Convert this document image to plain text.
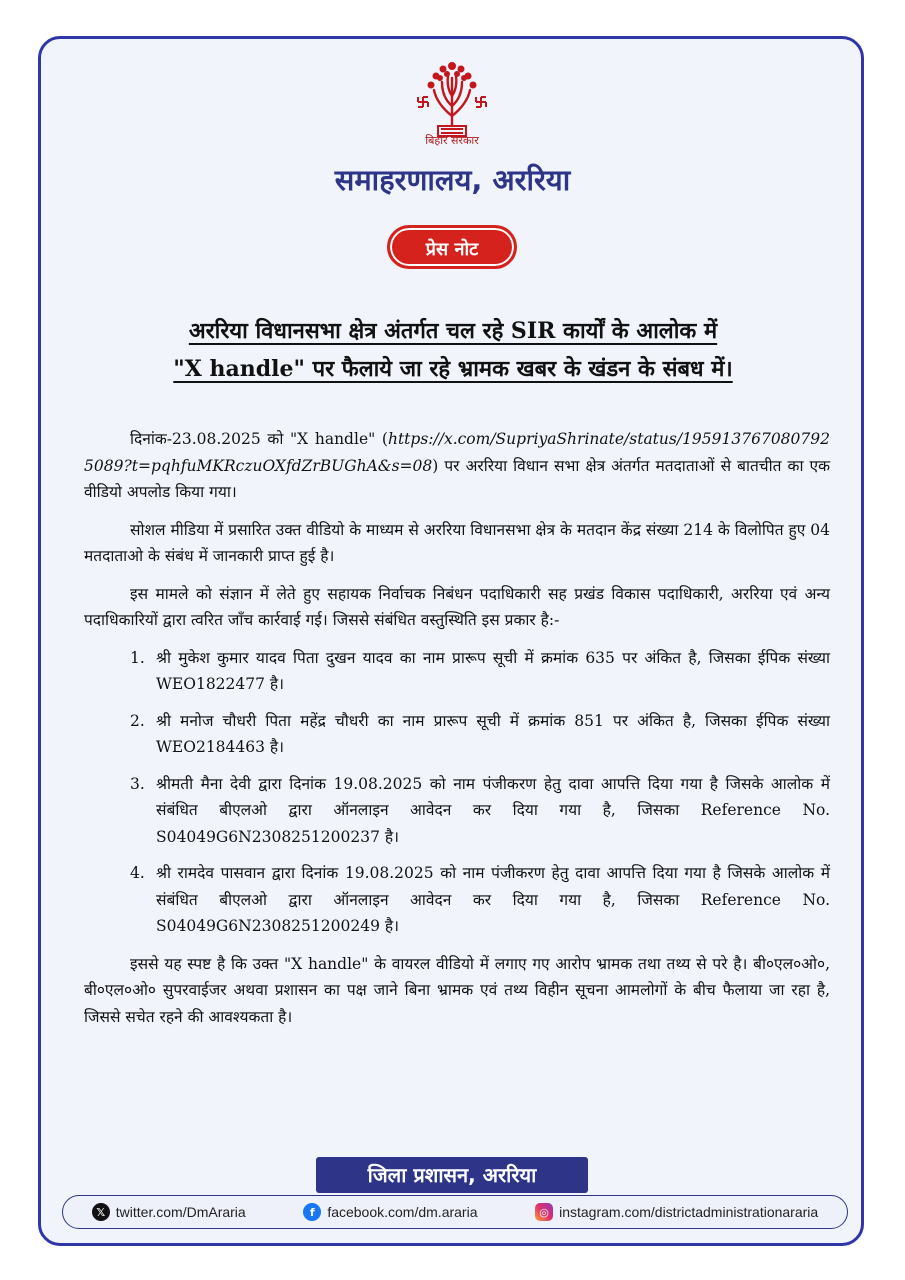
बिहार सरकार
समाहरणालय, अररिया
प्रेस नोट
अररिया विधानसभा क्षेत्र अंतर्गत चल रहे SIR कार्यों के आलोक में
"X handle" पर फैलाये जा रहे भ्रामक खबर के खंडन के संबध में।

दिनांक-23.08.2025 को "X handle" (https://x.com/SupriyaShrinate/status/1959137670807925089?t=pqhfuMKRczuOXfdZrBUGhA&s=08) पर अररिया विधान सभा क्षेत्र अंतर्गत मतदाताओं से बातचीत का एक वीडियो अपलोड किया गया।

सोशल मीडिया में प्रसारित उक्त वीडियो के माध्यम से अररिया विधानसभा क्षेत्र के मतदान केंद्र संख्या 214 के विलोपित हुए 04 मतदाताओ के संबंध में जानकारी प्राप्त हुई है।

इस मामले को संज्ञान में लेते हुए सहायक निर्वाचक निबंधन पदाधिकारी सह प्रखंड विकास पदाधिकारी, अररिया एवं अन्य पदाधिकारियों द्वारा त्वरित जाँच कार्रवाई गई। जिससे संबंधित वस्तुस्थिति इस प्रकार है:-

1. श्री मुकेश कुमार यादव पिता दुखन यादव का नाम प्रारूप सूची में क्रमांक 635 पर अंकित है, जिसका ईपिक संख्या WEO1822477 है।
2. श्री मनोज चौधरी पिता महेंद्र चौधरी का नाम प्रारूप सूची में क्रमांक 851 पर अंकित है, जिसका ईपिक संख्या WEO2184463 है।
3. श्रीमती मैना देवी द्वारा दिनांक 19.08.2025 को नाम पंजीकरण हेतु दावा आपत्ति दिया गया है जिसके आलोक में संबंधित बीएलओ द्वारा ऑनलाइन आवेदन कर दिया गया है, जिसका Reference No. S04049G6N2308251200237 है।
4. श्री रामदेव पासवान द्वारा दिनांक 19.08.2025 को नाम पंजीकरण हेतु दावा आपत्ति दिया गया है जिसके आलोक में संबंधित बीएलओ द्वारा ऑनलाइन आवेदन कर दिया गया है, जिसका Reference No. S04049G6N2308251200249 है।

इससे यह स्पष्ट है कि उक्त "X handle" के वायरल वीडियो में लगाए गए आरोप भ्रामक तथा तथ्य से परे है। बी०एल०ओ०, बी०एल०ओ० सुपरवाईजर अथवा प्रशासन का पक्ष जाने बिना भ्रामक एवं तथ्य विहीन सूचना आमलोगों के बीच फैलाया जा रहा है, जिससे सचेत रहने की आवश्यकता है।

जिला प्रशासन, अररिया
𝕏 twitter.com/DmAraria	f facebook.com/dm.araria	◎ instagram.com/districtadministrationararia
